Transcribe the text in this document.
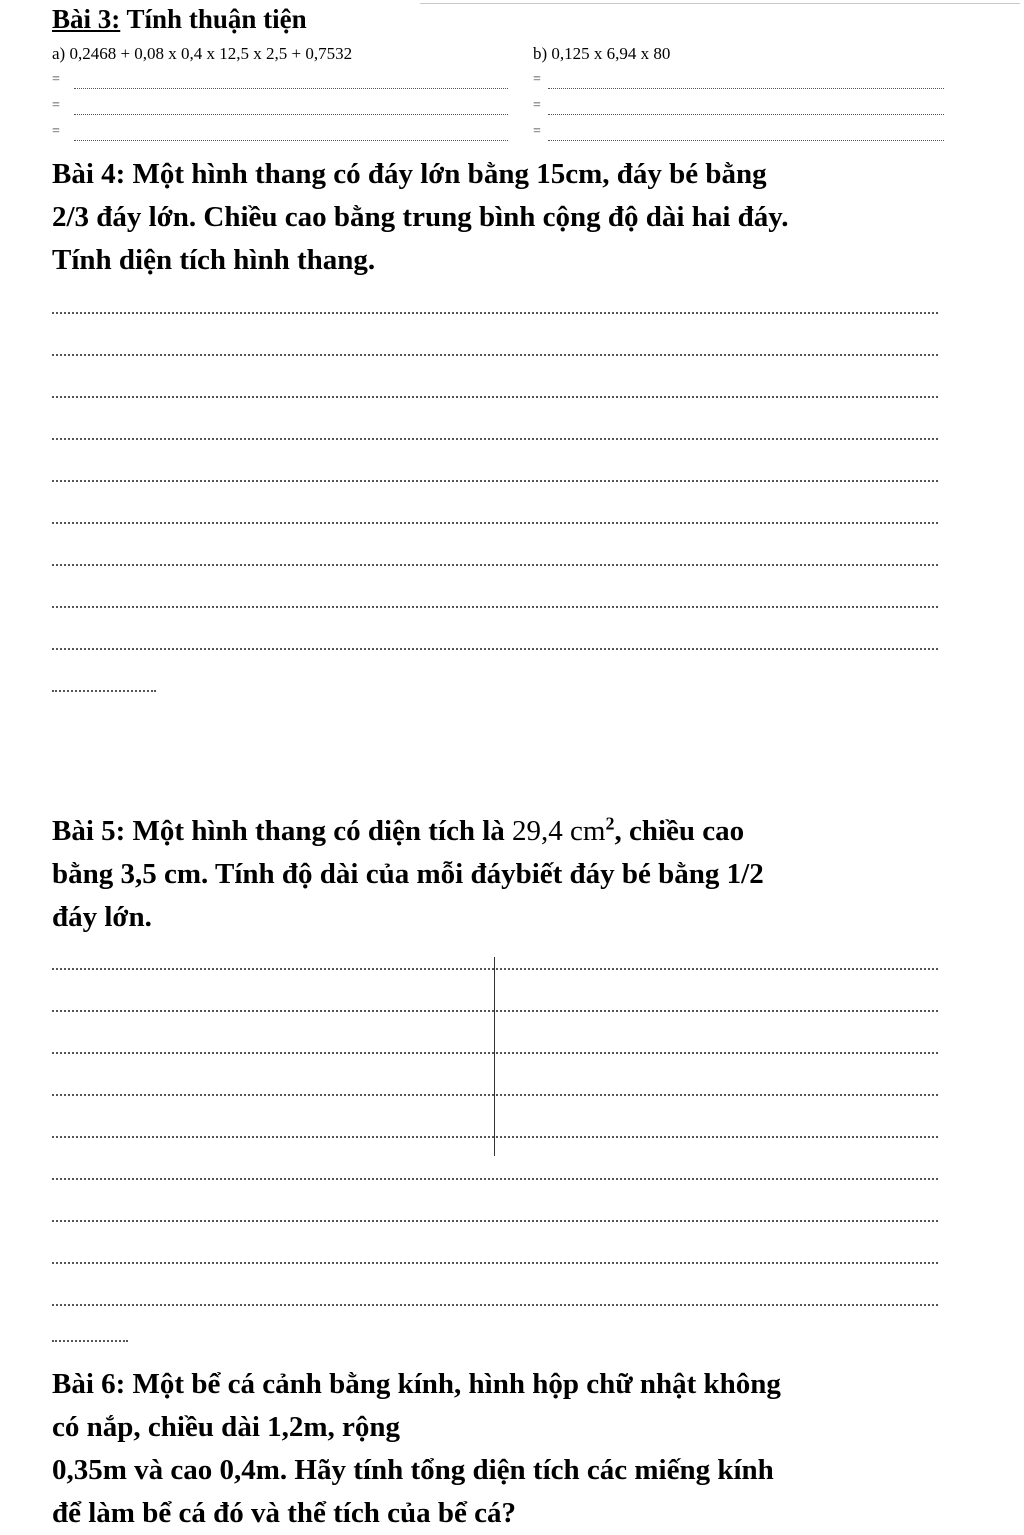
Bài 3: Tính thuận tiện
a) 0,2468 + 0,08 x 0,4 x 12,5 x 2,5 + 0,7532	b) 0,125 x 6,94 x 80
=
=
=
=
=
=
Bài 4: Một hình thang có đáy lớn bằng 15cm, đáy bé bằng
2/3 đáy lớn. Chiều cao bằng trung bình cộng độ dài hai đáy.
Tính diện tích hình thang.
Bài 5: Một hình thang có diện tích là 29,4 $cm^2$, chiều cao
bằng 3,5 cm. Tính độ dài của mỗi đáybiết đáy bé bằng 1/2
đáy lớn.
Bài 6: Một bể cá cảnh bằng kính, hình hộp chữ nhật không
có nắp, chiều dài 1,2m, rộng
0,35m và cao 0,4m. Hãy tính tổng diện tích các miếng kính
để làm bể cá đó và thể tích của bể cá?
